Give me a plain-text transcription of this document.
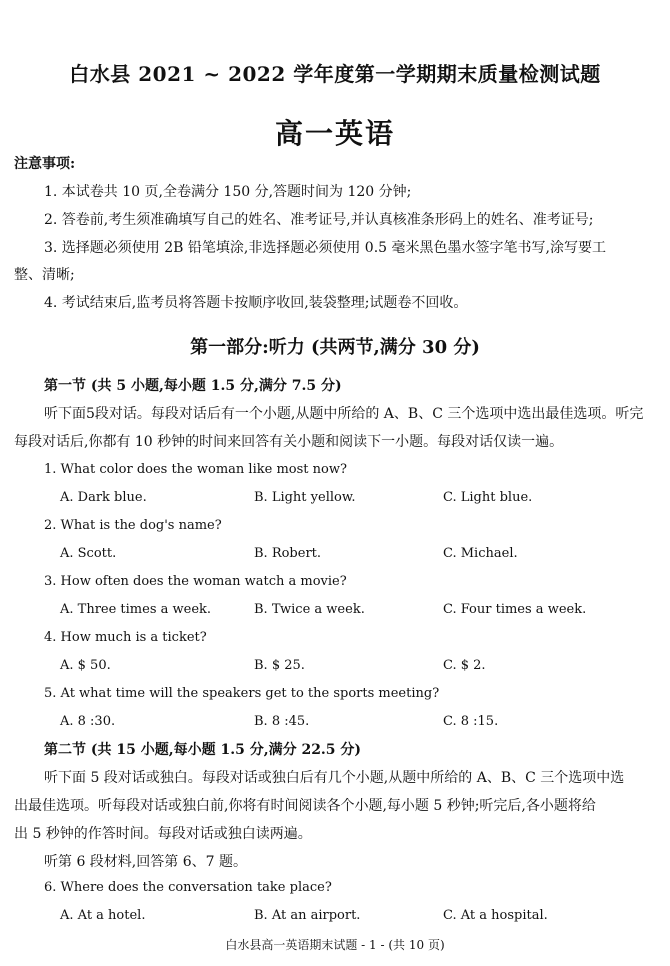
白水县 2021 ~ 2022 学年度第一学期期末质量检测试题
高一英语
注意事项:
1. 本试卷共 10 页,全卷满分 150 分,答题时间为 120 分钟;
2. 答卷前,考生须准确填写自己的姓名、准考证号,并认真核准条形码上的姓名、准考证号;
3. 选择题必须使用 2B 铅笔填涂,非选择题必须使用 0.5 毫米黑色墨水签字笔书写,涂写要工
整、清晰;
4. 考试结束后,监考员将答题卡按顺序收回,装袋整理;试题卷不回收。
第一部分:听力 (共两节,满分 30 分)
第一节 (共 5 小题,每小题 1.5 分,满分 7.5 分)
听下面5段对话。每段对话后有一个小题,从题中所给的 A、B、C 三个选项中选出最佳选项。听完
每段对话后,你都有 10 秒钟的时间来回答有关小题和阅读下一小题。每段对话仅读一遍。
1. What color does the woman like most now?
A. Dark blue.	B. Light yellow.	C. Light blue.
2. What is the dog's name?
A. Scott.	B. Robert.	C. Michael.
3. How often does the woman watch a movie?
A. Three times a week.	B. Twice a week.	C. Four times a week.
4. How much is a ticket?
A. $ 50.	B. $ 25.	C. $ 2.
5. At what time will the speakers get to the sports meeting?
A. 8 :30.	B. 8 :45.	C. 8 :15.
第二节 (共 15 小题,每小题 1.5 分,满分 22.5 分)
听下面 5 段对话或独白。每段对话或独白后有几个小题,从题中所给的 A、B、C 三个选项中选
出最佳选项。听每段对话或独白前,你将有时间阅读各个小题,每小题 5 秒钟;听完后,各小题将给
出 5 秒钟的作答时间。每段对话或独白读两遍。
听第 6 段材料,回答第 6、7 题。
6. Where does the conversation take place?
A. At a hotel.	B. At an airport.	C. At a hospital.
白水县高一英语期末试题 - 1 - (共 10 页)
